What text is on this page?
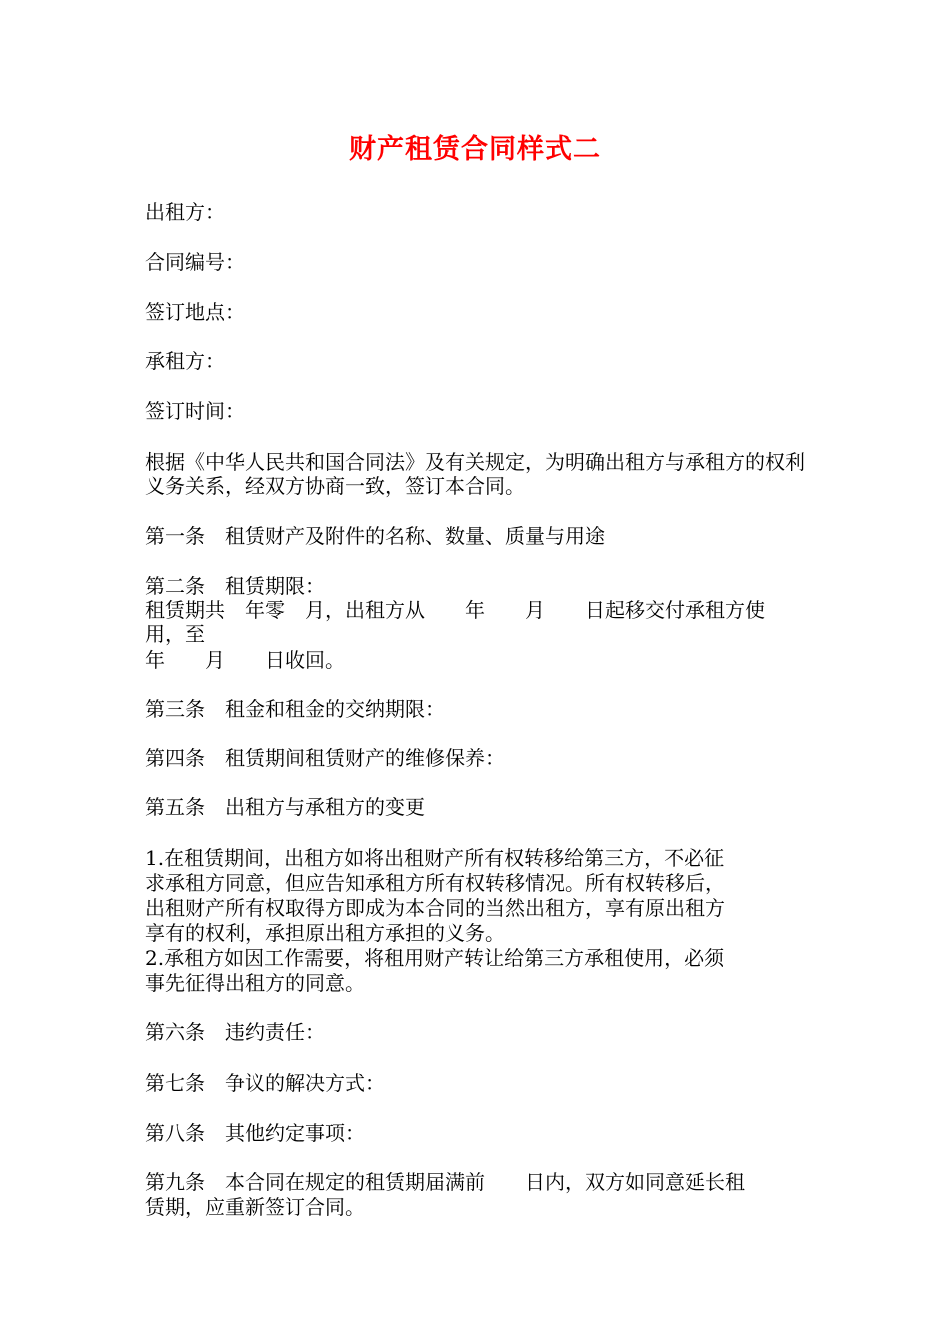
财产租赁合同样式二
出租方：
合同编号：
签订地点：
承租方：
签订时间：
根据《中华人民共和国合同法》及有关规定，为明确出租方与承租方的权利义务关系，经双方协商一致，签订本合同。
第一条　租赁财产及附件的名称、数量、质量与用途
第二条　租赁期限：
租赁期共　年零　月，出租方从　　年　　月　　日起移交付承租方使
用，至
年　　月　　日收回。
第三条　租金和租金的交纳期限：
第四条　租赁期间租赁财产的维修保养：
第五条　出租方与承租方的变更
1.在租赁期间，出租方如将出租财产所有权转移给第三方，不必征
求承租方同意，但应告知承租方所有权转移情况。所有权转移后，
出租财产所有权取得方即成为本合同的当然出租方，享有原出租方
享有的权利，承担原出租方承担的义务。
2.承租方如因工作需要，将租用财产转让给第三方承租使用，必须
事先征得出租方的同意。
第六条　违约责任：
第七条　争议的解决方式：
第八条　其他约定事项：
第九条　本合同在规定的租赁期届满前　　日内，双方如同意延长租
赁期，应重新签订合同。
